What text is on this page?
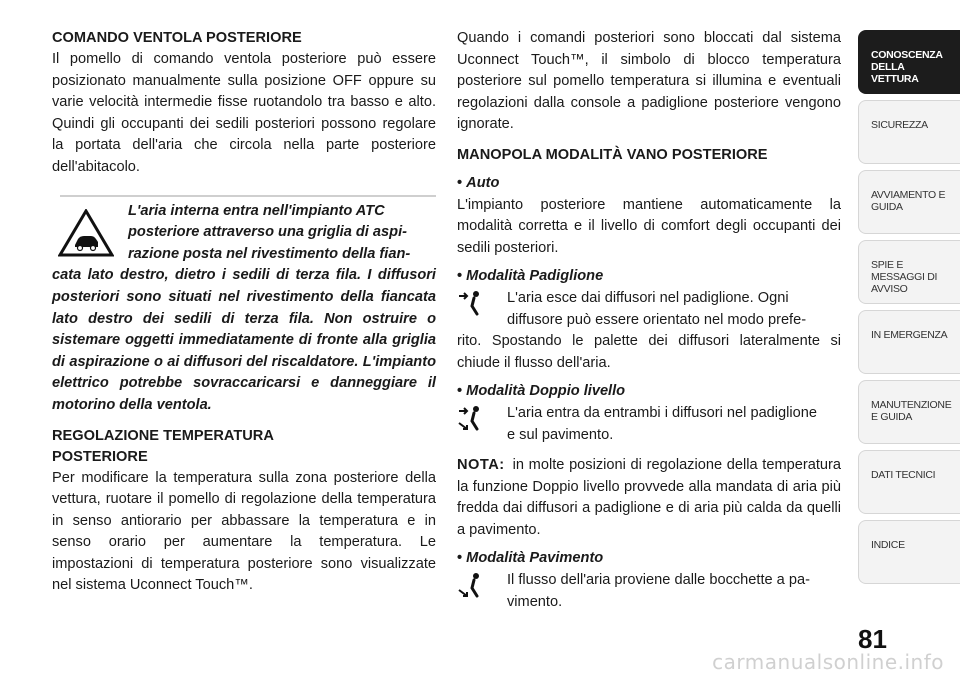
COMANDO VENTOLA POSTERIORE

Il pomello di comando ventola posteriore può essere posizionato manualmente sulla posizione OFF oppure su varie velocità intermedie fisse ruotandolo tra basso e alto. Quindi gli occupanti dei sedili posteriori possono regolare la portata dell'aria che circola nella parte posteriore dell'abitacolo.

L'aria interna entra nell'impianto ATC

posteriore attraverso una griglia di aspi-

razione posta nel rivestimento della fian-

cata lato destro, dietro i sedili di terza fila. I diffusori posteriori sono situati nel rivestimento della fiancata lato destro dei sedili di terza fila. Non ostruire o sistemare oggetti immediatamente di fronte alla griglia di aspirazione o ai diffusori del riscaldatore. L'impianto elettrico potrebbe sovraccaricarsi e danneggiare il motorino della ventola.

REGOLAZIONE TEMPERATURA
POSTERIORE

Per modificare la temperatura sulla zona posteriore della vettura, ruotare il pomello di regolazione della temperatura in senso antiorario per abbassare la temperatura e in senso orario per aumentare la temperatura. Le impostazioni di temperatura posteriore sono visualizzate nel sistema Uconnect Touch™.

Quando i comandi posteriori sono bloccati dal sistema Uconnect Touch™, il simbolo di blocco temperatura posteriore sul pomello temperatura si illumina e eventuali regolazioni dalla console a padiglione posteriore vengono ignorate.

MANOPOLA MODALITÀ VANO POSTERIORE
• Auto

L'impianto posteriore mantiene automaticamente la modalità corretta e il livello di comfort degli occupanti dei sedili posteriori.

• Modalità Padiglione

L'aria esce dai diffusori nel padiglione. Ogni

diffusore può essere orientato nel modo prefe-

rito. Spostando le palette dei diffusori lateralmente si chiude il flusso dell'aria.

• Modalità Doppio livello

L'aria entra da entrambi i diffusori nel padiglione

e sul pavimento.

NOTA: in molte posizioni di regolazione della temperatura la funzione Doppio livello provvede alla mandata di aria più fredda dai diffusori a padiglione e di aria più calda da quelli a pavimento.

• Modalità Pavimento

Il flusso dell'aria proviene dalle bocchette a pa-

vimento.

CONOSCENZA DELLA VETTURA
SICUREZZA
AVVIAMENTO E GUIDA
SPIE E MESSAGGI DI AVVISO
IN EMERGENZA
MANUTENZIONE E GUIDA
DATI TECNICI
INDICE
81
carmanualsonline.info
